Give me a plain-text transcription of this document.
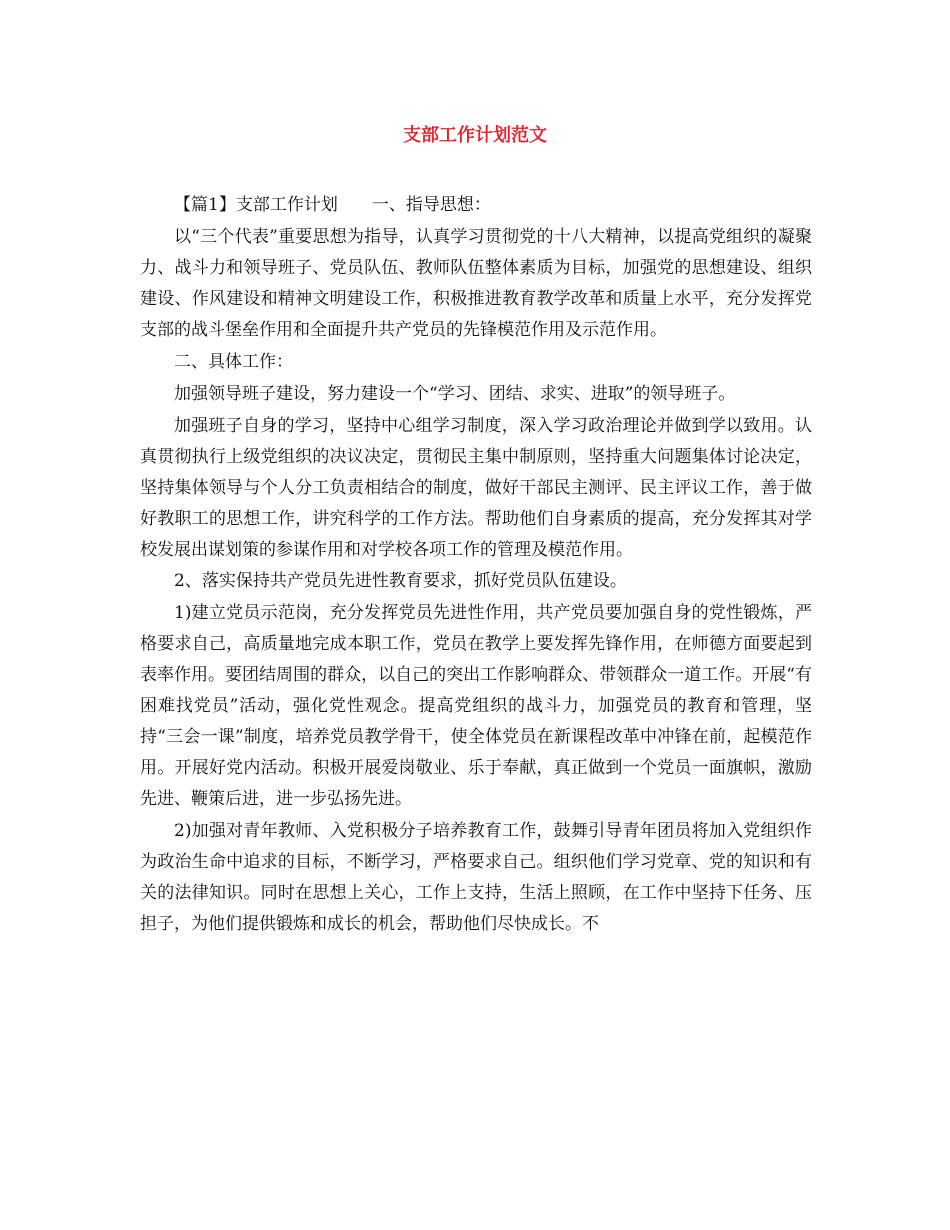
支部工作计划范文

【篇1】支部工作计划　　一、指导思想：

以“三个代表”重要思想为指导，认真学习贯彻党的十八大精神，以提高党组织的凝聚力、战斗力和领导班子、党员队伍、教师队伍整体素质为目标，加强党的思想建设、组织建设、作风建设和精神文明建设工作，积极推进教育教学改革和质量上水平，充分发挥党支部的战斗堡垒作用和全面提升共产党员的先锋模范作用及示范作用。

二、具体工作：

加强领导班子建设，努力建设一个“学习、团结、求实、进取”的领导班子。

加强班子自身的学习，坚持中心组学习制度，深入学习政治理论并做到学以致用。认真贯彻执行上级党组织的决议决定，贯彻民主集中制原则，坚持重大问题集体讨论决定，坚持集体领导与个人分工负责相结合的制度，做好干部民主测评、民主评议工作，善于做好教职工的思想工作，讲究科学的工作方法。帮助他们自身素质的提高，充分发挥其对学校发展出谋划策的参谋作用和对学校各项工作的管理及模范作用。

2、落实保持共产党员先进性教育要求，抓好党员队伍建设。

1)建立党员示范岗，充分发挥党员先进性作用，共产党员要加强自身的党性锻炼，严格要求自己，高质量地完成本职工作，党员在教学上要发挥先锋作用，在师德方面要起到表率作用。要团结周围的群众，以自己的突出工作影响群众、带领群众一道工作。开展“有困难找党员”活动，强化党性观念。提高党组织的战斗力，加强党员的教育和管理，坚持“三会一课”制度，培养党员教学骨干，使全体党员在新课程改革中冲锋在前，起模范作用。开展好党内活动。积极开展爱岗敬业、乐于奉献，真正做到一个党员一面旗帜，激励先进、鞭策后进，进一步弘扬先进。

2)加强对青年教师、入党积极分子培养教育工作，鼓舞引导青年团员将加入党组织作为政治生命中追求的目标，不断学习，严格要求自己。组织他们学习党章、党的知识和有关的法律知识。同时在思想上关心，工作上支持，生活上照顾，在工作中坚持下任务、压担子，为他们提供锻炼和成长的机会，帮助他们尽快成长。不
